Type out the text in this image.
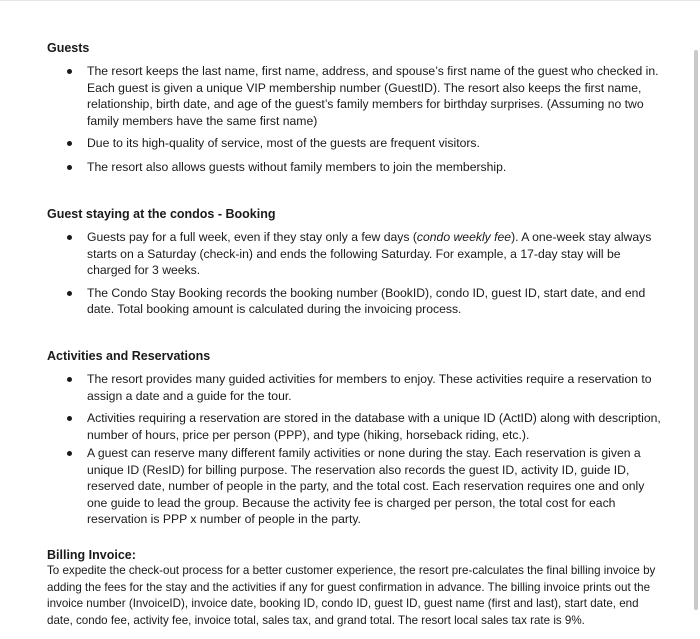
Guests
The resort keeps the last name, first name, address, and spouse’s first name of the guest who checked in. Each guest is given a unique VIP membership number (GuestID). The resort also keeps the first name, relationship, birth date, and age of the guest’s family members for birthday surprises. (Assuming no two family members have the same first name)
Due to its high-quality of service, most of the guests are frequent visitors.
The resort also allows guests without family members to join the membership.
Guest staying at the condos - Booking
Guests pay for a full week, even if they stay only a few days (condo weekly fee). A one-week stay always starts on a Saturday (check-in) and ends the following Saturday. For example, a 17-day stay will be charged for 3 weeks.
The Condo Stay Booking records the booking number (BookID), condo ID, guest ID, start date, and end date. Total booking amount is calculated during the invoicing process.
Activities and Reservations
The resort provides many guided activities for members to enjoy. These activities require a reservation to assign a date and a guide for the tour.
Activities requiring a reservation are stored in the database with a unique ID (ActID) along with description, number of hours, price per person (PPP), and type (hiking, horseback riding, etc.).
A guest can reserve many different family activities or none during the stay. Each reservation is given a unique ID (ResID) for billing purpose. The reservation also records the guest ID, activity ID, guide ID, reserved date, number of people in the party, and the total cost. Each reservation requires one and only one guide to lead the group. Because the activity fee is charged per person, the total cost for each reservation is PPP x number of people in the party.
Billing Invoice:
To expedite the check-out process for a better customer experience, the resort pre-calculates the final billing invoice by adding the fees for the stay and the activities if any for guest confirmation in advance. The billing invoice prints out the invoice number (InvoiceID), invoice date, booking ID, condo ID, guest ID, guest name (first and last), start date, end date, condo fee, activity fee, invoice total, sales tax, and grand total. The resort local sales tax rate is 9%.
